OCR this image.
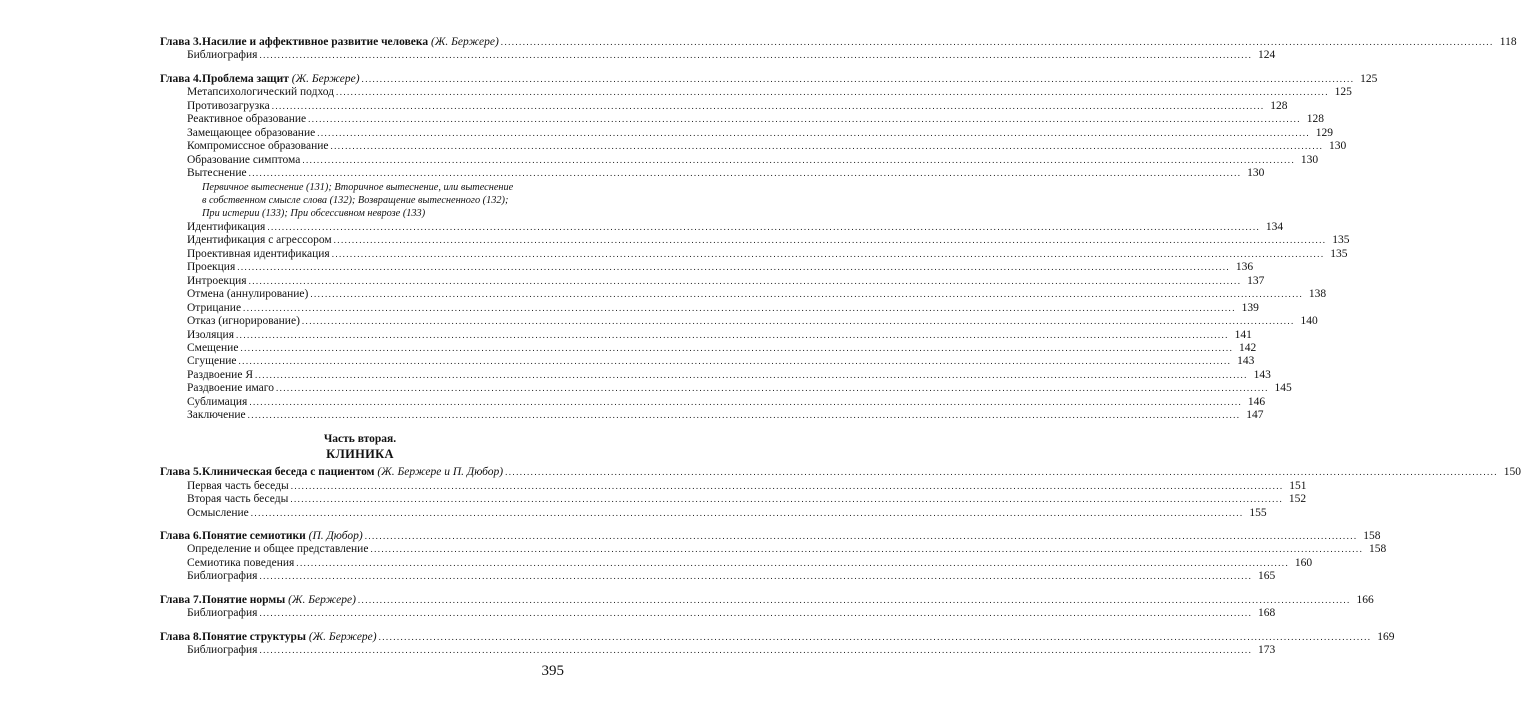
Глава 3.Насилие и аффективное развитие человека (Ж. Бержере) .....	118
Библиография .....	124
Глава 4.Проблема защит (Ж. Бержере) .....	125
Метапсихологический подход .....	125
Противозагрузка .....	128
Реактивное образование .....	128
Замещающее образование .....	129
Компромиссное образование .....	130
Образование симптома .....	130
Вытеснение .....	130
Первичное вытеснение (131); Вторичное вытеснение, или вытеснение
в собственном смысле слова (132); Возвращение вытесненного (132);
При истерии (133); При обсессивном неврозе (133)
Идентификация .....	134
Идентификация с агрессором .....	135
Проективная идентификация .....	135
Проекция .....	136
Интроекция .....	137
Отмена (аннулирование) .....	138
Отрицание .....	139
Отказ (игнорирование) .....	140
Изоляция .....	141
Смещение .....	142
Сгущение .....	143
Раздвоение Я .....	143
Раздвоение имаго .....	145
Сублимация .....	146
Заключение .....	147
Часть вторая.
КЛИНИКА
Глава 5.Клиническая беседа с пациентом (Ж. Бержере и П. Дюбор) .....	150
Первая часть беседы .....	151
Вторая часть беседы .....	152
Осмысление .....	155
Глава 6.Понятие семиотики (П. Дюбор) .....	158
Определение и общее представление .....	158
Семиотика поведения .....	160
Библиография .....	165
Глава 7.Понятие нормы (Ж. Бержере) .....	166
Библиография .....	168
Глава 8.Понятие структуры (Ж. Бержере) .....	169
Библиография .....	173
395
